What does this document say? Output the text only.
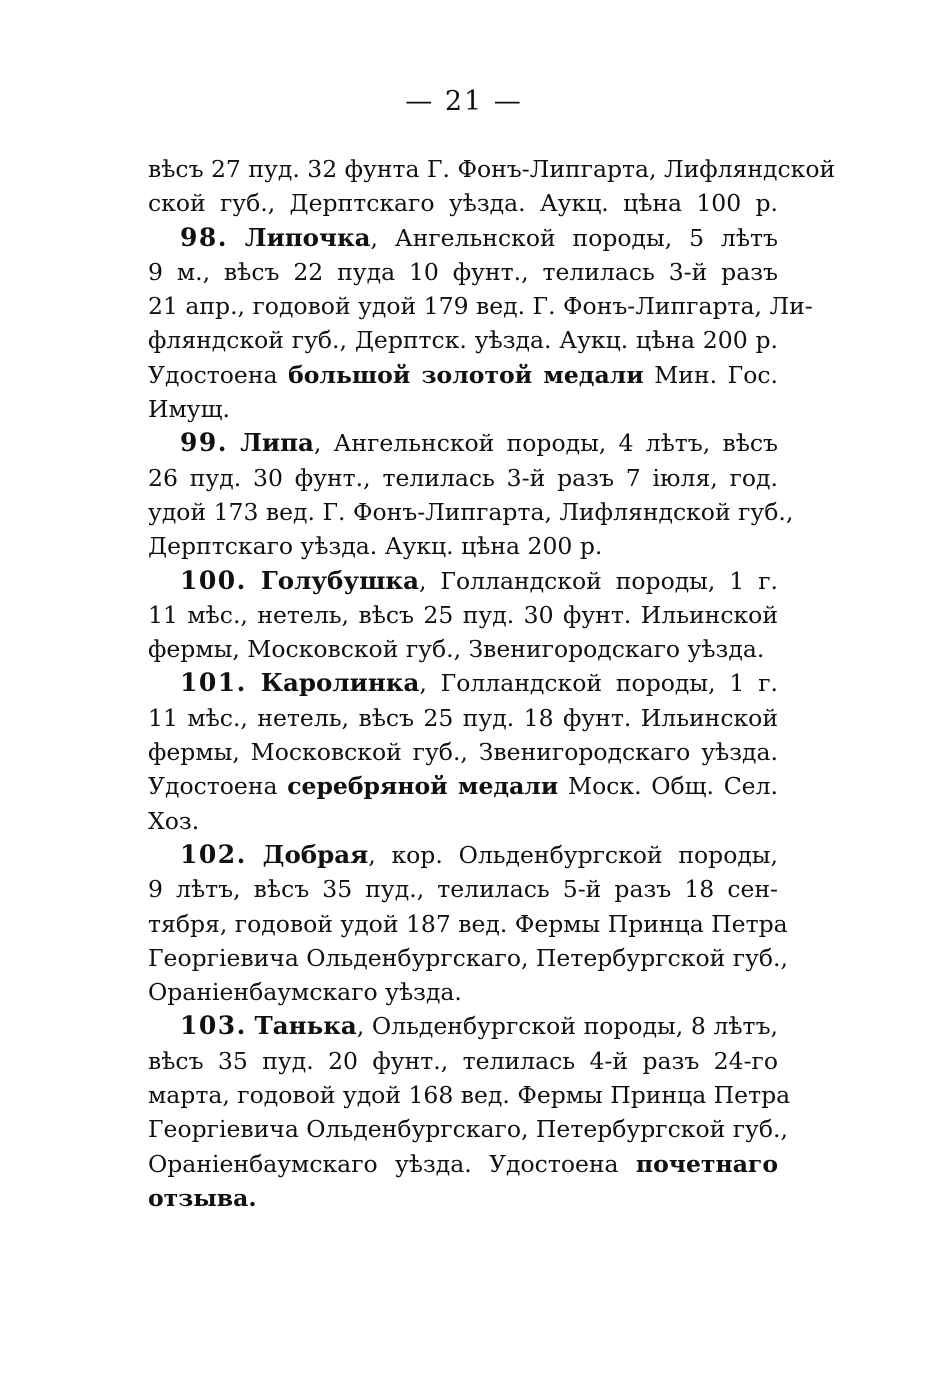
— 21 —
вѣсъ 27 пуд. 32 фунта Г. Фонъ-Липгарта, Лифляндской
ской губ., Дерптскаго уѣзда. Аукц. цѣна 100 р.
98. Липочка, Ангельнской породы, 5 лѣтъ
9 м., вѣсъ 22 пуда 10 фунт., телилась 3-й разъ
21 апр., годовой удой 179 вед. Г. Фонъ-Липгарта, Ли-
фляндской губ., Дерптск. уѣзда. Аукц. цѣна 200 р.
Удостоена большой золотой медали Мин. Гос.
Имущ.
99. Липа, Ангельнской породы, 4 лѣтъ, вѣсъ
26 пуд. 30 фунт., телилась 3-й разъ 7 іюля, год.
удой 173 вед. Г. Фонъ-Липгарта, Лифляндской губ.,
Дерптскаго уѣзда. Аукц. цѣна 200 р.
100. Голубушка, Голландской породы, 1 г.
11 мѣс., нетель, вѣсъ 25 пуд. 30 фунт. Ильинской
фермы, Московской губ., Звенигородскаго уѣзда.
101. Каролинка, Голландской породы, 1 г.
11 мѣс., нетель, вѣсъ 25 пуд. 18 фунт. Ильинской
фермы, Московской губ., Звенигородскаго уѣзда.
Удостоена серебряной медали Моск. Общ. Сел.
Хоз.
102. Добрая, кор. Ольденбургской породы,
9 лѣтъ, вѣсъ 35 пуд., телилась 5-й разъ 18 сен-
тября, годовой удой 187 вед. Фермы Принца Петра
Георгіевича Ольденбургскаго, Петербургской губ.,
Ораніенбаумскаго уѣзда.
103. Танька, Ольденбургской породы, 8 лѣтъ,
вѣсъ 35 пуд. 20 фунт., телилась 4-й разъ 24-го
марта, годовой удой 168 вед. Фермы Принца Петра
Георгіевича Ольденбургскаго, Петербургской губ.,
Ораніенбаумскаго уѣзда. Удостоена почетнаго
отзыва.
